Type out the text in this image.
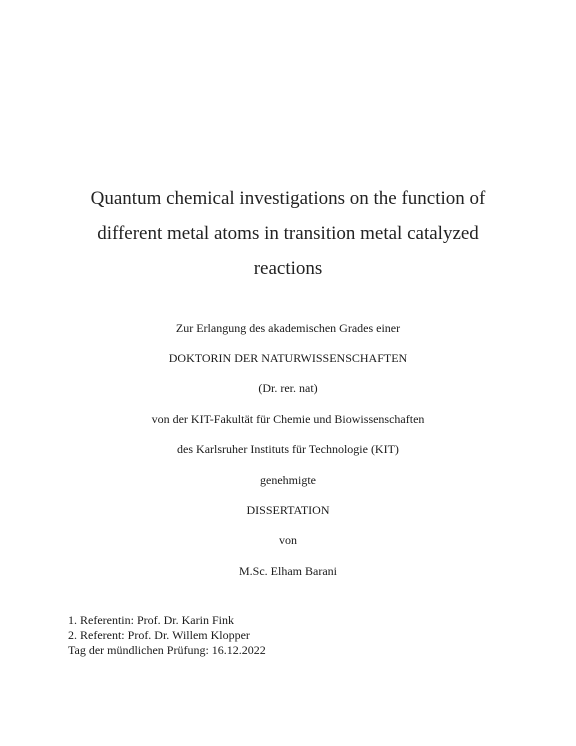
Quantum chemical investigations on the function of
different metal atoms in transition metal catalyzed
reactions
Zur Erlangung des akademischen Grades einer
DOKTORIN DER NATURWISSENSCHAFTEN
(Dr. rer. nat)
von der KIT-Fakultät für Chemie und Biowissenschaften
des Karlsruher Instituts für Technologie (KIT)
genehmigte
DISSERTATION
von
M.Sc. Elham Barani
1. Referentin: Prof. Dr. Karin Fink
2. Referent: Prof. Dr. Willem Klopper
Tag der mündlichen Prüfung: 16.12.2022
